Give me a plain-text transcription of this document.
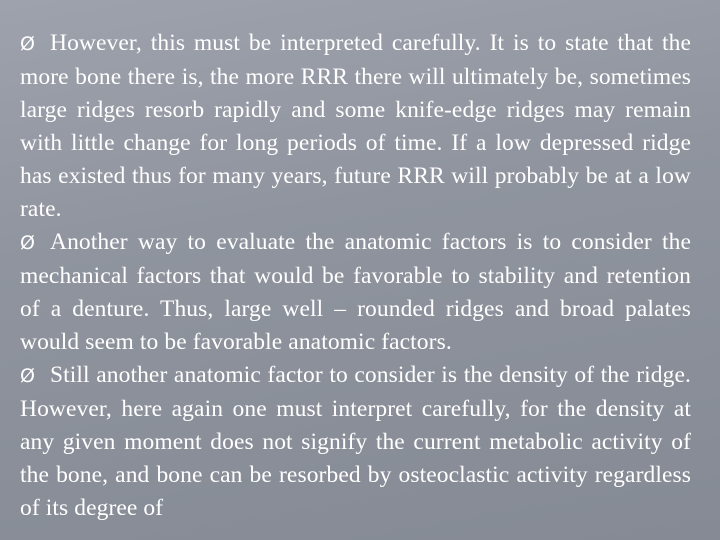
Ø However, this must be interpreted carefully. It is to state that the more bone there is, the more RRR there will ultimately be, sometimes large ridges resorb rapidly and some knife-edge ridges may remain with little change for long periods of time. If a low depressed ridge has existed thus for many years, future RRR will probably be at a low rate.

Ø Another way to evaluate the anatomic factors is to consider the mechanical factors that would be favorable to stability and retention of a denture. Thus, large well – rounded ridges and broad palates would seem to be favorable anatomic factors.

Ø Still another anatomic factor to consider is the density of the ridge. However, here again one must interpret carefully, for the density at any given moment does not signify the current metabolic activity of the bone, and bone can be resorbed by osteoclastic activity regardless of its degree of
